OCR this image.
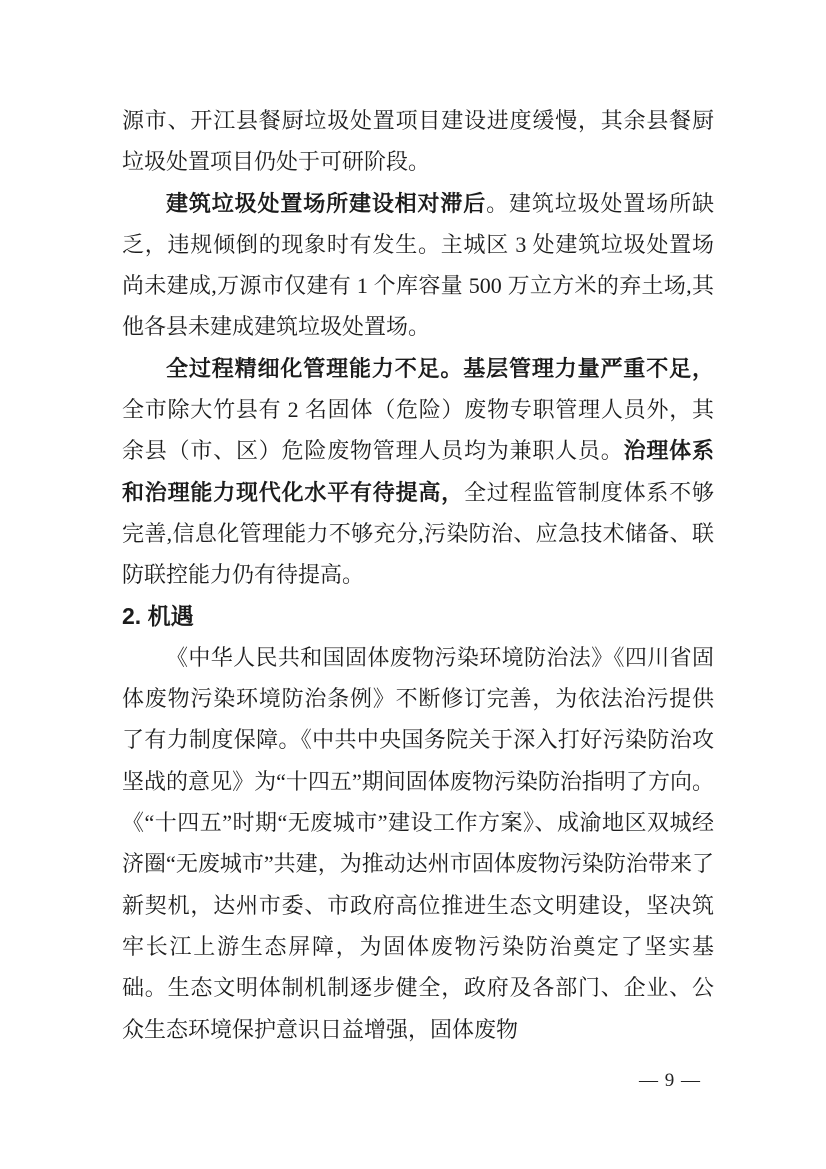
源市、开江县餐厨垃圾处置项目建设进度缓慢，其余县餐厨垃圾处置项目仍处于可研阶段。

建筑垃圾处置场所建设相对滞后。建筑垃圾处置场所缺乏，违规倾倒的现象时有发生。主城区 3 处建筑垃圾处置场尚未建成,万源市仅建有 1 个库容量 500 万立方米的弃土场,其他各县未建成建筑垃圾处置场。

全过程精细化管理能力不足。基层管理力量严重不足，全市除大竹县有 2 名固体（危险）废物专职管理人员外，其余县（市、区）危险废物管理人员均为兼职人员。治理体系和治理能力现代化水平有待提高，全过程监管制度体系不够完善,信息化管理能力不够充分,污染防治、应急技术储备、联防联控能力仍有待提高。

2. 机遇

《中华人民共和国固体废物污染环境防治法》《四川省固体废物污染环境防治条例》不断修订完善，为依法治污提供了有力制度保障。《中共中央国务院关于深入打好污染防治攻坚战的意见》为“十四五”期间固体废物污染防治指明了方向。《“十四五”时期“无废城市”建设工作方案》、成渝地区双城经济圈“无废城市”共建，为推动达州市固体废物污染防治带来了新契机，达州市委、市政府高位推进生态文明建设，坚决筑牢长江上游生态屏障，为固体废物污染防治奠定了坚实基础。生态文明体制机制逐步健全，政府及各部门、企业、公众生态环境保护意识日益增强，固体废物

— 9 —
